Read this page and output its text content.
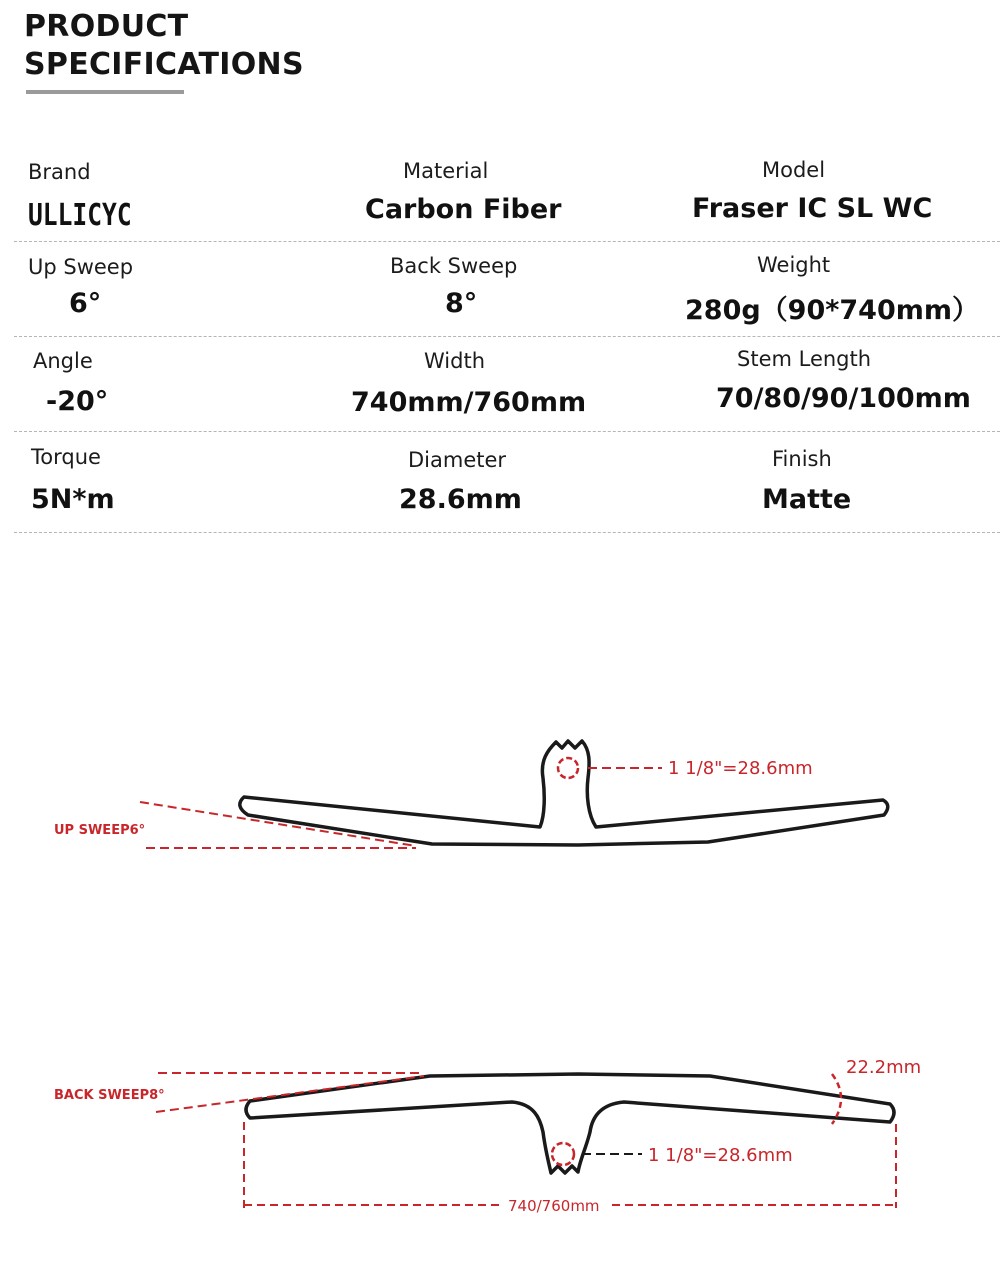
PRODUCT
SPECIFICATIONS
Brand
ULLICYC
Material
Carbon Fiber
Model
Fraser IC SL WC
Up Sweep
6°
Back Sweep
8°
Weight
280g（90*740mm）
Angle
-20°
Width
740mm/760mm
Stem Length
70/80/90/100mm
Torque
5N*m
Diameter
28.6mm
Finish
Matte
1 1/8"=28.6mm
UP SWEEP6°
1 1/8"=28.6mm
BACK SWEEP8°
22.2mm
740/760mm
